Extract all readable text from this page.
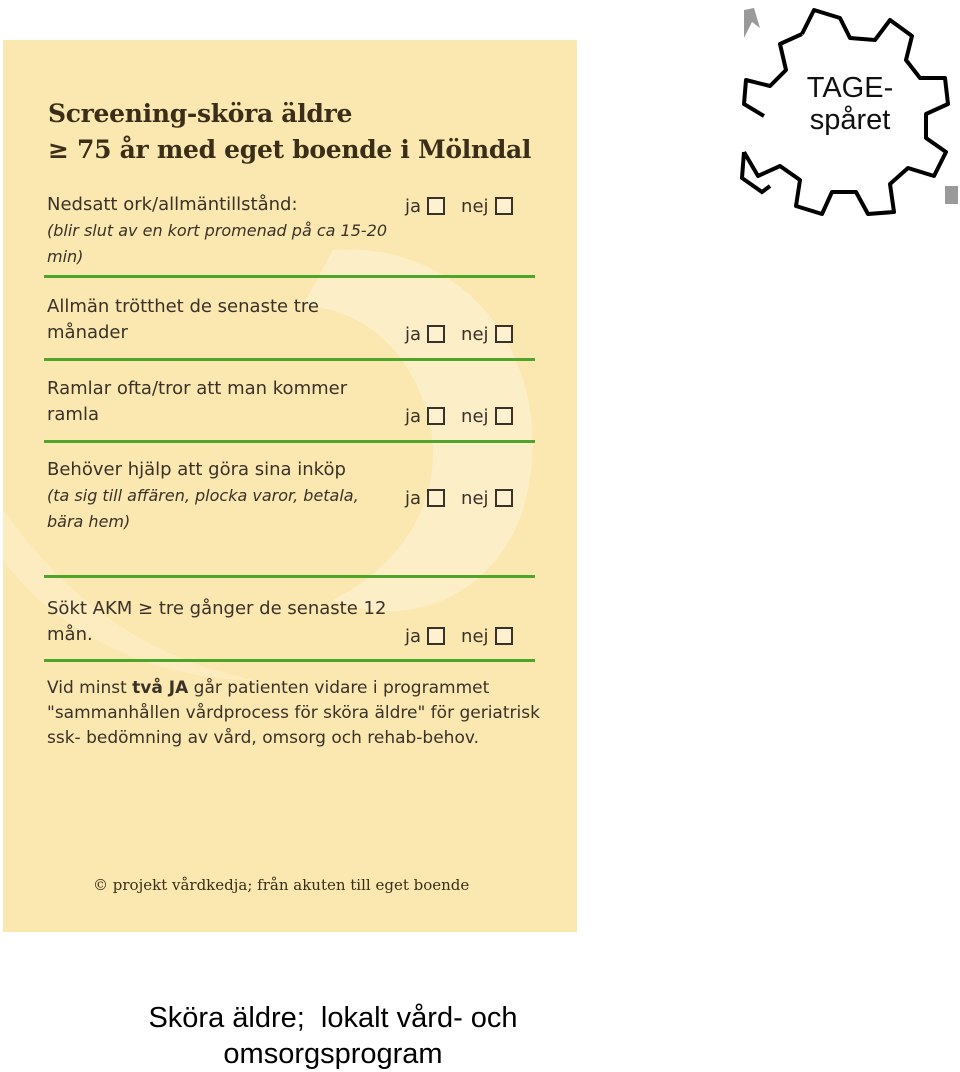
Screening-sköra äldre
≥ 75 år med eget boende i Mölndal
Nedsatt ork/allmäntillstånd:
(blir slut av en kort promenad på ca 15-20 min)
ja nej
Allmän trötthet de senaste tre månader	ja nej
Ramlar ofta/tror att man kommer ramla	ja nej
Behöver hjälp att göra sina inköp
(ta sig till affären, plocka varor, betala, bära hem)
ja nej
Sökt AKM ≥ tre gånger de senaste 12 mån.	ja nej
Vid minst två JA går patienten vidare i programmet "sammanhållen vårdprocess för sköra äldre" för geriatrisk ssk- bedömning av vård, omsorg och rehab-behov.
© projekt vårdkedja; från akuten till eget boende
TAGE-
spåret
Sköra äldre;  lokalt vård- och
omsorgsprogram
